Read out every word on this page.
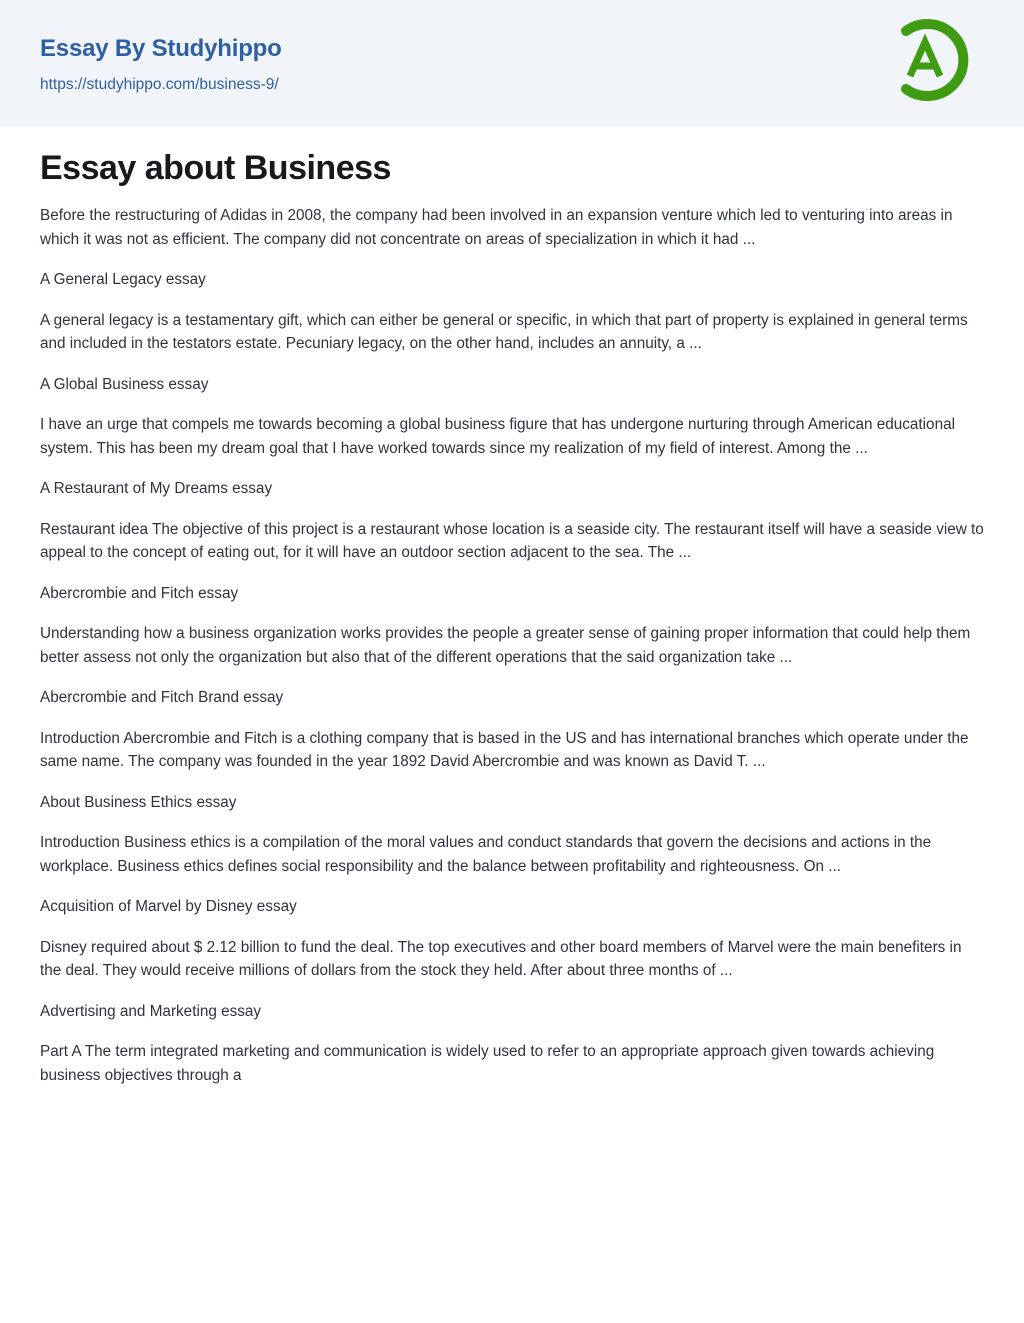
Essay By Studyhippo
https://studyhippo.com/business-9/
Essay about Business

Before the restructuring of Adidas in 2008, the company had been involved in an expansion venture which led to venturing into areas in which it was not as efficient. The company did not concentrate on areas of specialization in which it had ...

A General Legacy essay

A general legacy is a testamentary gift, which can either be general or specific, in which that part of property is explained in general terms and included in the testators estate. Pecuniary legacy, on the other hand, includes an annuity, a ...

A Global Business essay

I have an urge that compels me towards becoming a global business figure that has undergone nurturing through American educational system. This has been my dream goal that I have worked towards since my realization of my field of interest. Among the ...

A Restaurant of My Dreams essay

Restaurant idea The objective of this project is a restaurant whose location is a seaside city. The restaurant itself will have a seaside view to appeal to the concept of eating out, for it will have an outdoor section adjacent to the sea. The ...

Abercrombie and Fitch essay

Understanding how a business organization works provides the people a greater sense of gaining proper information that could help them better assess not only the organization but also that of the different operations that the said organization take ...

Abercrombie and Fitch Brand essay

Introduction Abercrombie and Fitch is a clothing company that is based in the US and has international branches which operate under the same name. The company was founded in the year 1892 David Abercrombie and was known as David T. ...

About Business Ethics essay

Introduction Business ethics is a compilation of the moral values and conduct standards that govern the decisions and actions in the workplace. Business ethics defines social responsibility and the balance between profitability and righteousness. On ...

Acquisition of Marvel by Disney essay

Disney required about $ 2.12 billion to fund the deal. The top executives and other board members of Marvel were the main benefiters in the deal. They would receive millions of dollars from the stock they held. After about three months of ...

Advertising and Marketing essay

Part A The term integrated marketing and communication is widely used to refer to an appropriate approach given towards achieving business objectives through a
